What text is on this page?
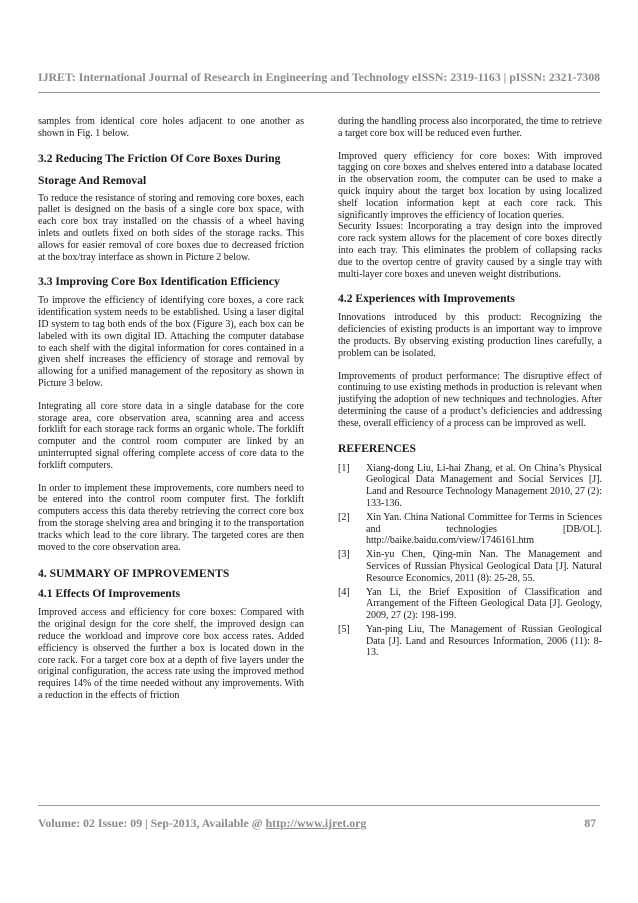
IJRET: International Journal of Research in Engineering and Technology eISSN: 2319-1163 | pISSN: 2321-7308

samples from identical core holes adjacent to one another as shown in Fig. 1 below.

3.2 Reducing The Friction Of Core Boxes During
Storage And Removal

To reduce the resistance of storing and removing core boxes, each pallet is designed on the basis of a single core box space, with each core box tray installed on the chassis of a wheel having inlets and outlets fixed on both sides of the storage racks. This allows for easier removal of core boxes due to decreased friction at the box/tray interface as shown in Picture 2 below.

3.3 Improving Core Box Identification Efficiency

To improve the efficiency of identifying core boxes, a core rack identification system needs to be established. Using a laser digital ID system to tag both ends of the box (Figure 3), each box can be labeled with its own digital ID. Attaching the computer database to each shelf with the digital information for cores contained in a given shelf increases the efficiency of storage and removal by allowing for a unified management of the repository as shown in Picture 3 below.

Integrating all core store data in a single database for the core storage area, core observation area, scanning area and access forklift for each storage rack forms an organic whole. The forklift computer and the control room computer are linked by an uninterrupted signal offering complete access of core data to the forklift computers.

In order to implement these improvements, core numbers need to be entered into the control room computer first. The forklift computers access this data thereby retrieving the correct core box from the storage shelving area and bringing it to the transportation tracks which lead to the core library. The targeted cores are then moved to the core observation area.

4. SUMMARY OF IMPROVEMENTS
4.1 Effects Of Improvements

Improved access and efficiency for core boxes: Compared with the original design for the core shelf, the improved design can reduce the workload and improve core box access rates. Added efficiency is observed the further a box is located down in the core rack. For a target core box at a depth of five layers under the original configuration, the access rate using the improved method requires 14% of the time needed without any improvements. With a reduction in the effects of friction

during the handling process also incorporated, the time to retrieve a target core box will be reduced even further.

Improved query efficiency for core boxes: With improved tagging on core boxes and shelves entered into a database located in the observation room, the computer can be used to make a quick inquiry about the target box location by using localized shelf location information kept at each core rack. This significantly improves the efficiency of location queries.

Security Issues: Incorporating a tray design into the improved core rack system allows for the placement of core boxes directly into each tray. This eliminates the problem of collapsing racks due to the overtop centre of gravity caused by a single tray with multi-layer core boxes and uneven weight distributions.

4.2 Experiences with Improvements

Innovations introduced by this product: Recognizing the deficiencies of existing products is an important way to improve the products. By observing existing production lines carefully, a problem can be isolated.

Improvements of product performance: The disruptive effect of continuing to use existing methods in production is relevant when justifying the adoption of new techniques and technologies. After determining the cause of a product’s deficiencies and addressing these, overall efficiency of a process can be improved as well.

REFERENCES
[1]	Xiang-dong Liu, Li-hai Zhang, et al. On China’s Physical Geological Data Management and Social Services [J]. Land and Resource Technology Management 2010, 27 (2): 133-136.
[2]	Xin Yan. China National Committee for Terms in Sciences and technologies [DB/OL]. http://baike.baidu.com/view/1746161.htm
[3]	Xin-yu Chen, Qing-min Nan. The Management and Services of Russian Physical Geological Data [J]. Natural Resource Economics, 2011 (8): 25-28, 55.
[4]	Yan Li, the Brief Exposition of Classification and Arrangement of the Fifteen Geological Data [J]. Geology, 2009, 27 (2): 198-199.
[5]	Yan-ping Liu, The Management of Russian Geological Data [J]. Land and Resources Information, 2006 (11): 8-13.
Volume: 02 Issue: 09 | Sep-2013, Available @ http://www.ijret.org	87
